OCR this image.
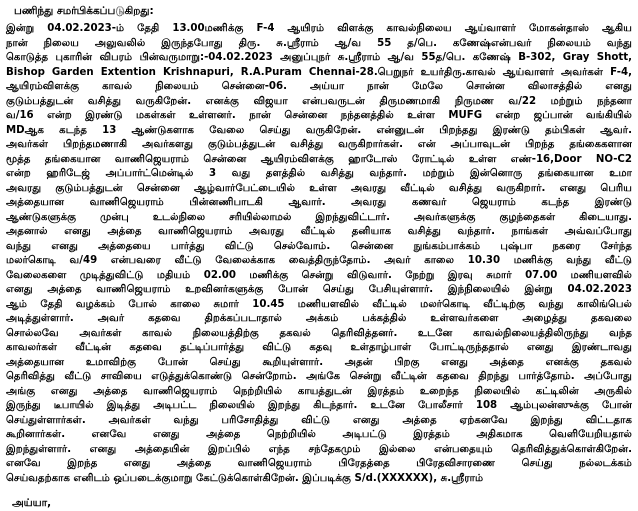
பணிந்து சமர்பிக்கப்படுகிறது:
இன்று 04.02.2023-ம் தேதி 13.00மணிக்கு F-4 ஆயிரம் விளக்கு காவல்நிலைய ஆய்வாளர் மோகன்தாஸ் ஆகிய
நான் நிலைய அலுவலில் இருந்தபோது திரு. சு.ஸ்ரீராம் ஆ/வ 55 த/பெ. கணேஷ்என்பவர் நிலையம் வந்து
கொடுத்த புகாரின் விபரம் பின்வருமாறு:-04.02.2023 அனுப்புநர் சு.ஸ்ரீராம் ஆ/வ 55த/பெ. கணேஷ் B-302, Gray Shott,
Bishop Garden Extention Krishnapuri, R.A.Puram Chennai-28.பெறுநர் உயர்திரு.காவல் ஆய்வாளர் அவர்கள் F-4,
ஆயிரம்விளக்கு காவல் நிலையம் சென்னை-06. அய்யா நான் மேலே சொன்ன விலாசத்தில் எனது
குடும்பத்துடன் வசித்து வருகிறேன். எனக்கு விஜயா என்பவருடன் திருமணமாகி நிருமண வ/22 மற்றும் நந்தனா
வ/16 என்ற இரண்டு மகள்கள் உள்ளனர். நான் சென்னை நந்தனத்தில் உள்ள MUFG என்ற ஜப்பான் வங்கியில்
MDஆக கடந்த 13 ஆண்டுகளாக வேலை செய்து வருகிறேன். என்னுடன் பிறந்தது இரண்டு தம்பிகள் ஆவர்.
அவர்கள் பிறந்தமணாகி அவர்களது குடும்பத்துடன் வசித்து வருகிறார்கள். என் அப்பாவுடன் பிறந்த தங்கைகளான
மூத்த தங்கையான வாணிஜெயராம் சென்னை ஆயிரம்விளக்கு ஹாடோஸ் ரோட்டில் உள்ள எண்-16,Door NO-C2
என்ற ஹரிடேஜ் அப்பார்ட்மென்டில் 3 வது தளத்தில் வசித்து வந்தார். மற்றும் இன்னொரு தங்கையான உமா
அவரது குடும்பத்துடன் சென்னை ஆழ்வார்பேட்டையில் உள்ள அவரது வீட்டில் வசித்து வருகிறார். எனது பெரிய
அத்தையான வாணிஜெயராம் பின்னணிபாடகி ஆவார். அவரது கணவர் ஜெயராம் கடந்த இரண்டு
ஆண்டுகளுக்கு முன்பு உடல்நிலை சரியில்லாமல் இறந்துவிட்டார். அவர்களுக்கு குழந்தைகள் கிடையாது.
அதனால் எனது அத்தை வாணிஜெயராம் அவரது வீட்டில் தனியாக வசித்து வந்தார். நாங்கள் அவ்வப்போது
வந்து எனது அத்தையை பார்த்து விட்டு செல்வோம். சென்னை நுங்கம்பாக்கம் புஷ்பா நகரை சேர்ந்த
மலர்கொடி வ/49 என்பவரை வீட்டு வேலைக்காக வைத்திருந்தோம். அவர் காலை 10.30 மணிக்கு வந்து வீட்டு
வேலைகளை முடித்துவிட்டு மதியம் 02.00 மணிக்கு சென்று விடுவார். நேற்று இரவு சுமார் 07.00 மணியளவில்
எனது அத்தை வாணிஜெயராம் உறவினர்களுக்கு போன் செய்து பேசியுள்ளார். இந்நிலையில் இன்று 04.02.2023
ஆம் தேதி வழக்கம் போல் காலை சுமார் 10.45 மணியளவில் வீட்டில் மலர்கொடி வீட்டிற்கு வந்து காலிங்பெல்
அடித்துள்ளார். அவர் கதவை திறக்கப்படாதால் அக்கம் பக்கத்தில் உள்ளவர்களை அழைத்து தகவலை
சொல்லவே அவர்கள் காவல் நிலையத்திற்கு தகவல் தெரிவித்தனர். உடனே காவல்நிலையத்திலிருந்து வந்த
காவலர்கள் வீட்டின் கதவை தட்டிப்பார்த்து விட்டு கதவு உள்தாழ்பாள் போட்டிருந்ததால் எனது இரண்டாவது
அத்தையான உமாவிற்கு போன் செய்து கூறியுள்ளார். அதன் பிறகு எனது அத்தை எனக்கு தகவல்
தெரிவித்து வீட்டு சாவியை எடுத்துக்கொண்டு சென்றோம். அங்கே சென்று வீட்டின் கதவை திறந்து பார்த்தோம். அப்போது
அங்கு எனது அத்தை வாணிஜெயராம் நெற்றியில் காயத்துடன் இரத்தம் உறைந்த நிலையில் கட்டிலின் அருகில்
இருந்து டீபாயில் இடித்து அடிபட்ட நிலையில் இறந்து கிடந்தார். உடனே போலீசார் 108 ஆம்புலன்ஸுக்கு போன்
செய்துள்ளார்கள். அவர்கள் வந்து பரிசோதித்து விட்டு எனது அத்தை ஏற்கனவே இறந்து விட்டதாக
கூறினார்கள். எனவே எனது அத்தை நெற்றியில் அடிபட்டு இரத்தம் அதிகமாக வெளியேறியதால்
இறந்துள்ளார். எனது அத்தையின் இறப்பில் எந்த சந்தேகமும் இல்லை என்பதையும் தெரிவித்துக்கொள்கிறேன்.
எனவே இறந்த எனது அத்தை வாணிஜெயராம் பிரேதத்தை பிரேதவிசாரணை செய்து நல்லடக்கம்
செய்வதற்காக எனிடம் ஒப்படைக்குமாறு கேட்டுக்கொள்கிறேன். இப்படிக்கு S/d.(XXXXXX), சு.ஸ்ரீராம்
அய்யா,
